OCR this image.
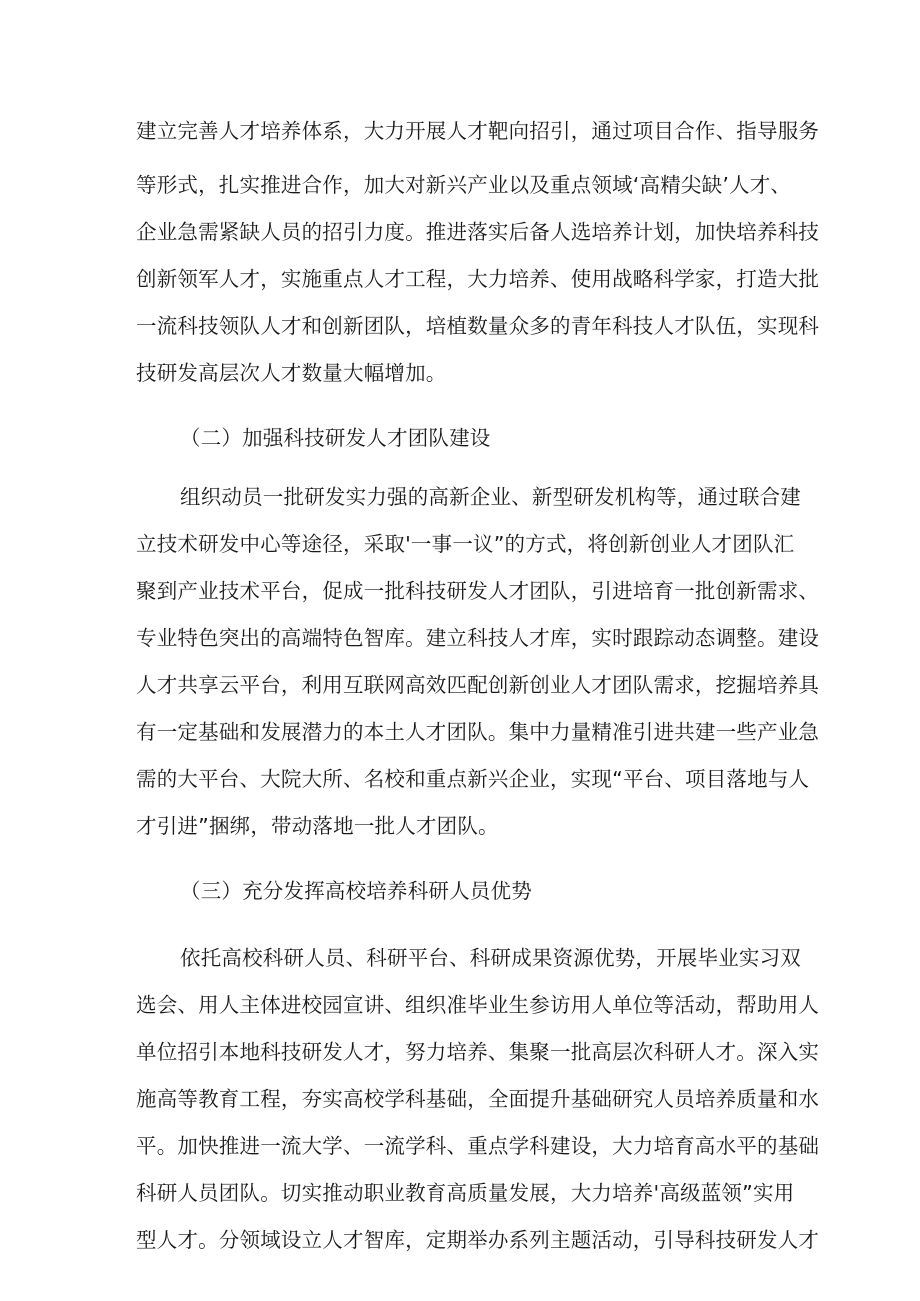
建立完善人才培养体系，大力开展人才靶向招引，通过项目合作、指导服务
等形式，扎实推进合作，加大对新兴产业以及重点领域‘高精尖缺’人才、
企业急需紧缺人员的招引力度。推进落实后备人选培养计划，加快培养科技
创新领军人才，实施重点人才工程，大力培养、使用战略科学家，打造大批
一流科技领队人才和创新团队，培植数量众多的青年科技人才队伍，实现科
技研发高层次人才数量大幅增加。
（二）加强科技研发人才团队建设
组织动员一批研发实力强的高新企业、新型研发机构等，通过联合建
立技术研发中心等途径，采取'一事一议”的方式，将创新创业人才团队汇
聚到产业技术平台，促成一批科技研发人才团队，引进培育一批创新需求、
专业特色突出的高端特色智库。建立科技人才库，实时跟踪动态调整。建设
人才共享云平台，利用互联网高效匹配创新创业人才团队需求，挖掘培养具
有一定基础和发展潜力的本土人才团队。集中力量精准引进共建一些产业急
需的大平台、大院大所、名校和重点新兴企业，实现“平台、项目落地与人
才引进”捆绑，带动落地一批人才团队。
（三）充分发挥高校培养科研人员优势
依托高校科研人员、科研平台、科研成果资源优势，开展毕业实习双
选会、用人主体进校园宣讲、组织准毕业生参访用人单位等活动，帮助用人
单位招引本地科技研发人才，努力培养、集聚一批高层次科研人才。深入实
施高等教育工程，夯实高校学科基础，全面提升基础研究人员培养质量和水
平。加快推进一流大学、一流学科、重点学科建设，大力培育高水平的基础
科研人员团队。切实推动职业教育高质量发展，大力培养'高级蓝领”实用
型人才。分领域设立人才智库，定期举办系列主题活动，引导科技研发人才
